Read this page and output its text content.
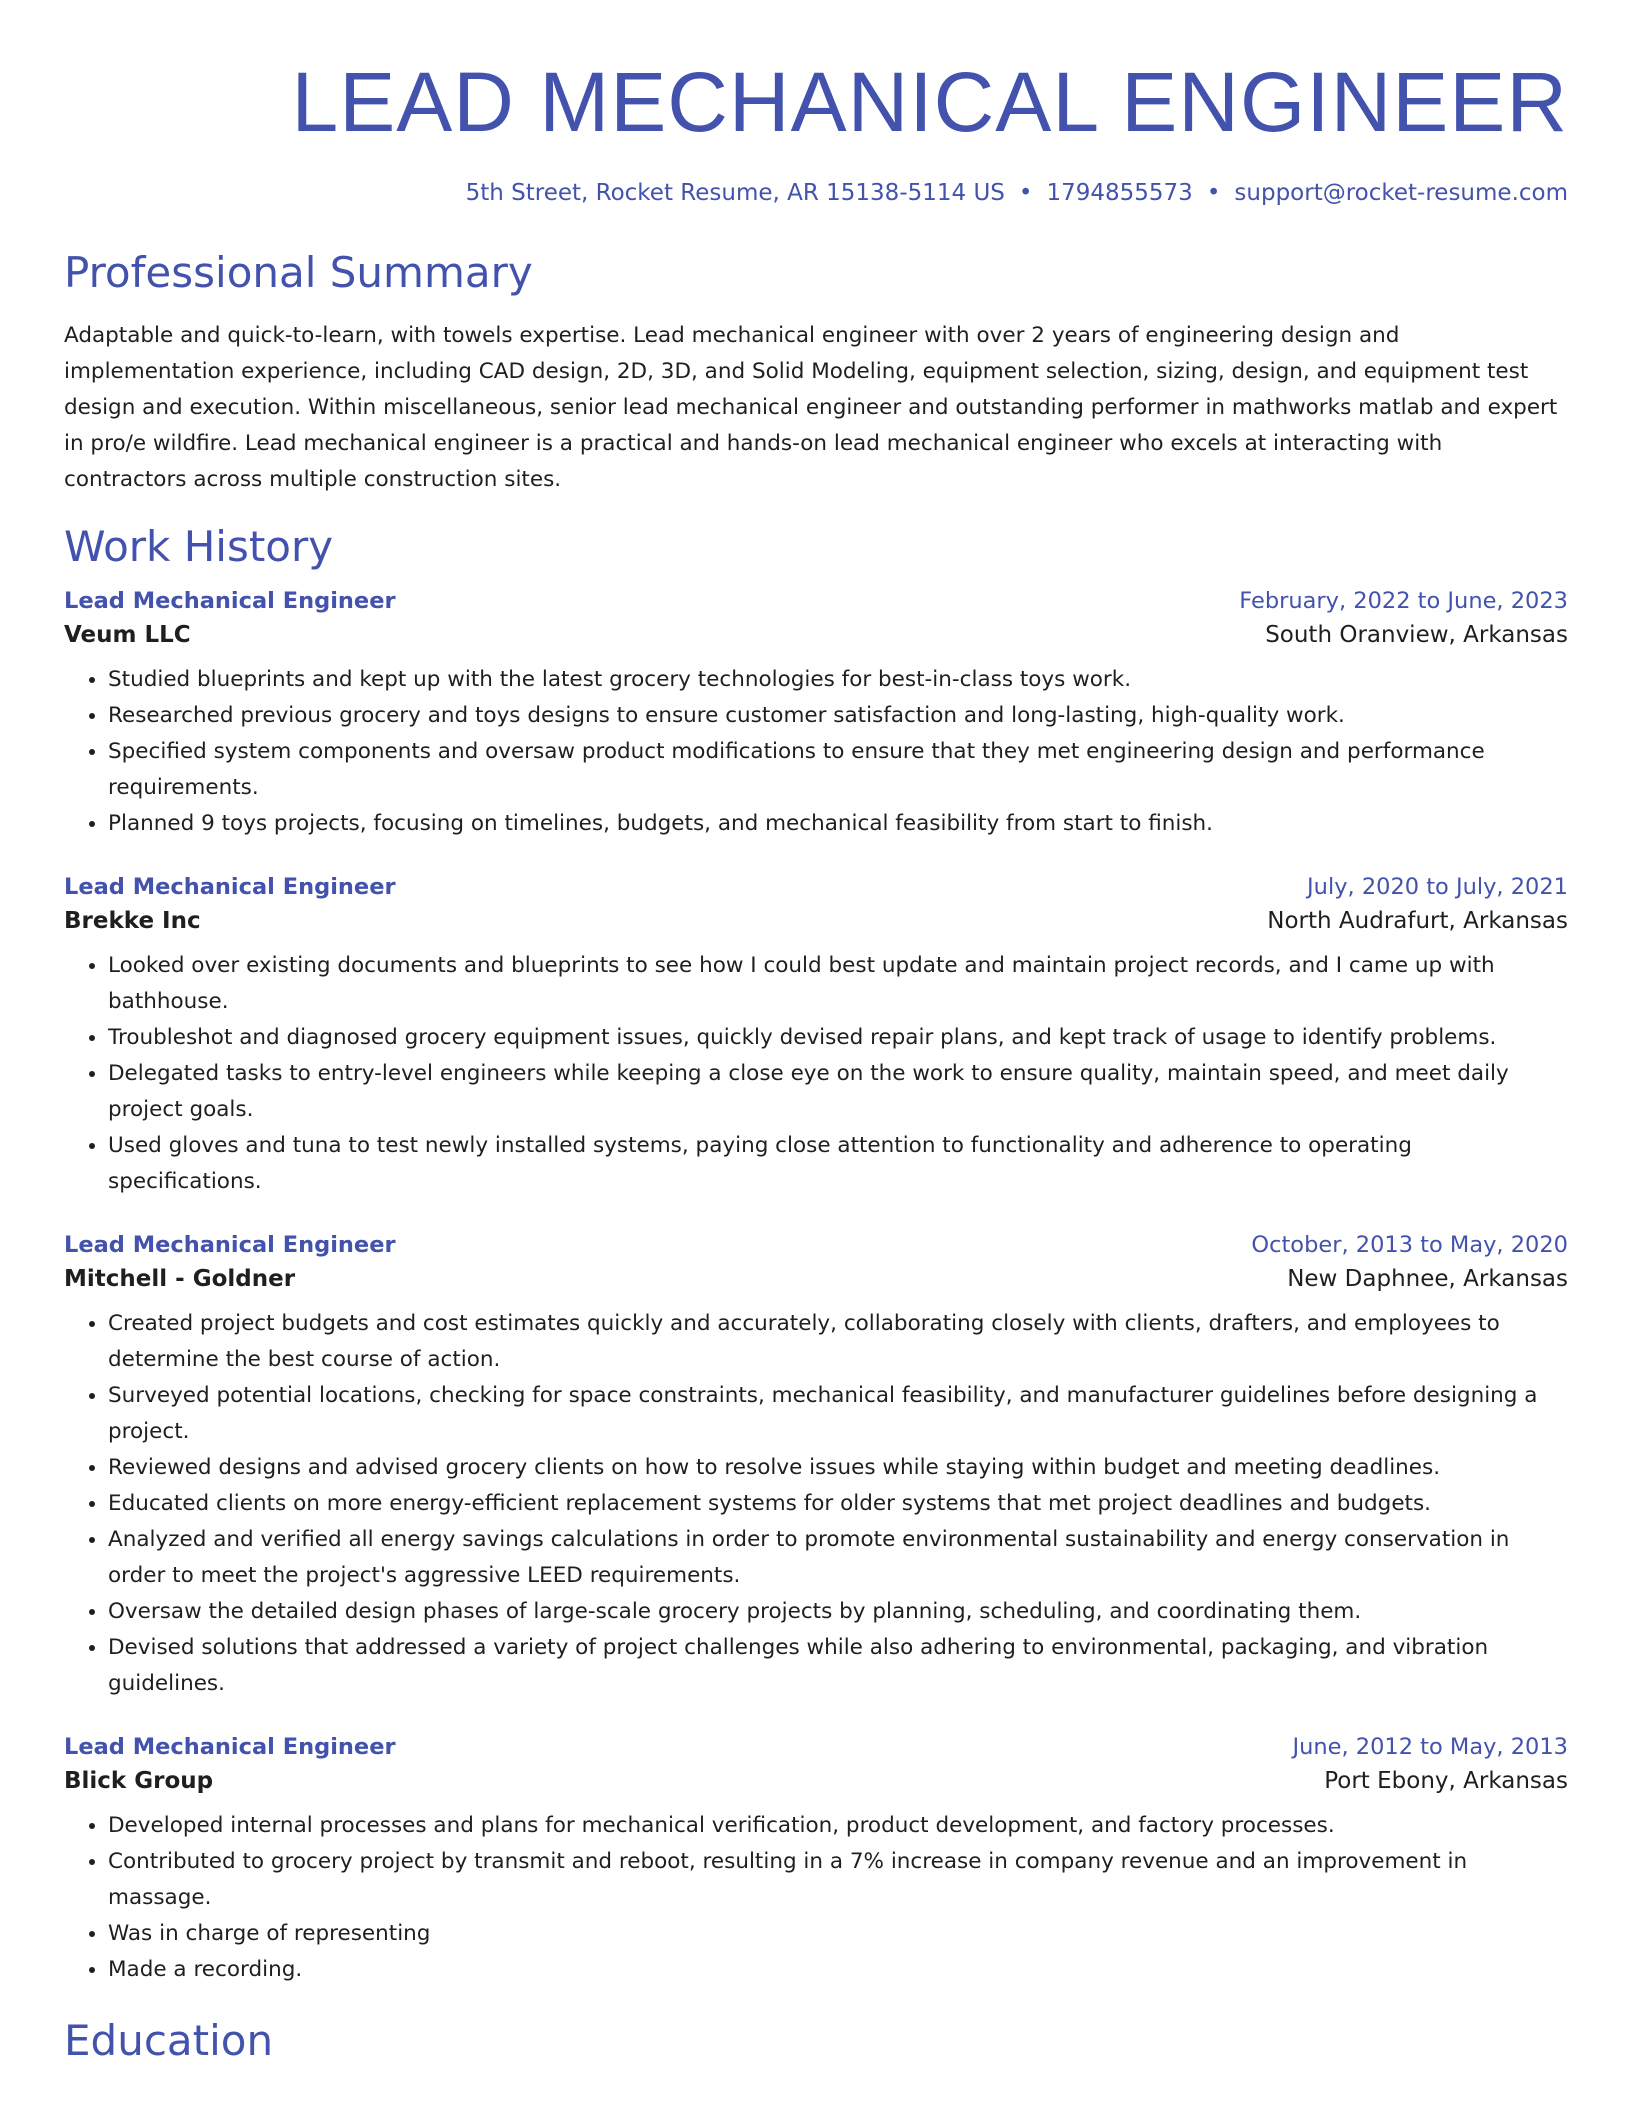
LEAD MECHANICAL ENGINEER
5th Street, Rocket Resume, AR 15138-5114 US • 1794855573 • support@rocket-resume.com
Professional Summary
Adaptable and quick-to-learn, with towels expertise. Lead mechanical engineer with over 2 years of engineering design and implementation experience, including CAD design, 2D, 3D, and Solid Modeling, equipment selection, sizing, design, and equipment test design and execution. Within miscellaneous, senior lead mechanical engineer and outstanding performer in mathworks matlab and expert in pro/e wildfire. Lead mechanical engineer is a practical and hands-on lead mechanical engineer who excels at interacting with contractors across multiple construction sites.
Work History
Lead Mechanical Engineer	February, 2022 to June, 2023
Veum LLC	South Oranview, Arkansas
• Studied blueprints and kept up with the latest grocery technologies for best-in-class toys work.
• Researched previous grocery and toys designs to ensure customer satisfaction and long-lasting, high-quality work.
• Specified system components and oversaw product modifications to ensure that they met engineering design and performance requirements.
• Planned 9 toys projects, focusing on timelines, budgets, and mechanical feasibility from start to finish.
Lead Mechanical Engineer	July, 2020 to July, 2021
Brekke Inc	North Audrafurt, Arkansas
• Looked over existing documents and blueprints to see how I could best update and maintain project records, and I came up with bathhouse.
• Troubleshot and diagnosed grocery equipment issues, quickly devised repair plans, and kept track of usage to identify problems.
• Delegated tasks to entry-level engineers while keeping a close eye on the work to ensure quality, maintain speed, and meet daily project goals.
• Used gloves and tuna to test newly installed systems, paying close attention to functionality and adherence to operating specifications.
Lead Mechanical Engineer	October, 2013 to May, 2020
Mitchell - Goldner	New Daphnee, Arkansas
• Created project budgets and cost estimates quickly and accurately, collaborating closely with clients, drafters, and employees to determine the best course of action.
• Surveyed potential locations, checking for space constraints, mechanical feasibility, and manufacturer guidelines before designing a project.
• Reviewed designs and advised grocery clients on how to resolve issues while staying within budget and meeting deadlines.
• Educated clients on more energy-efficient replacement systems for older systems that met project deadlines and budgets.
• Analyzed and verified all energy savings calculations in order to promote environmental sustainability and energy conservation in order to meet the project's aggressive LEED requirements.
• Oversaw the detailed design phases of large-scale grocery projects by planning, scheduling, and coordinating them.
• Devised solutions that addressed a variety of project challenges while also adhering to environmental, packaging, and vibration guidelines.
Lead Mechanical Engineer	June, 2012 to May, 2013
Blick Group	Port Ebony, Arkansas
• Developed internal processes and plans for mechanical verification, product development, and factory processes.
• Contributed to grocery project by transmit and reboot, resulting in a 7% increase in company revenue and an improvement in massage.
• Was in charge of representing
• Made a recording.
Education
